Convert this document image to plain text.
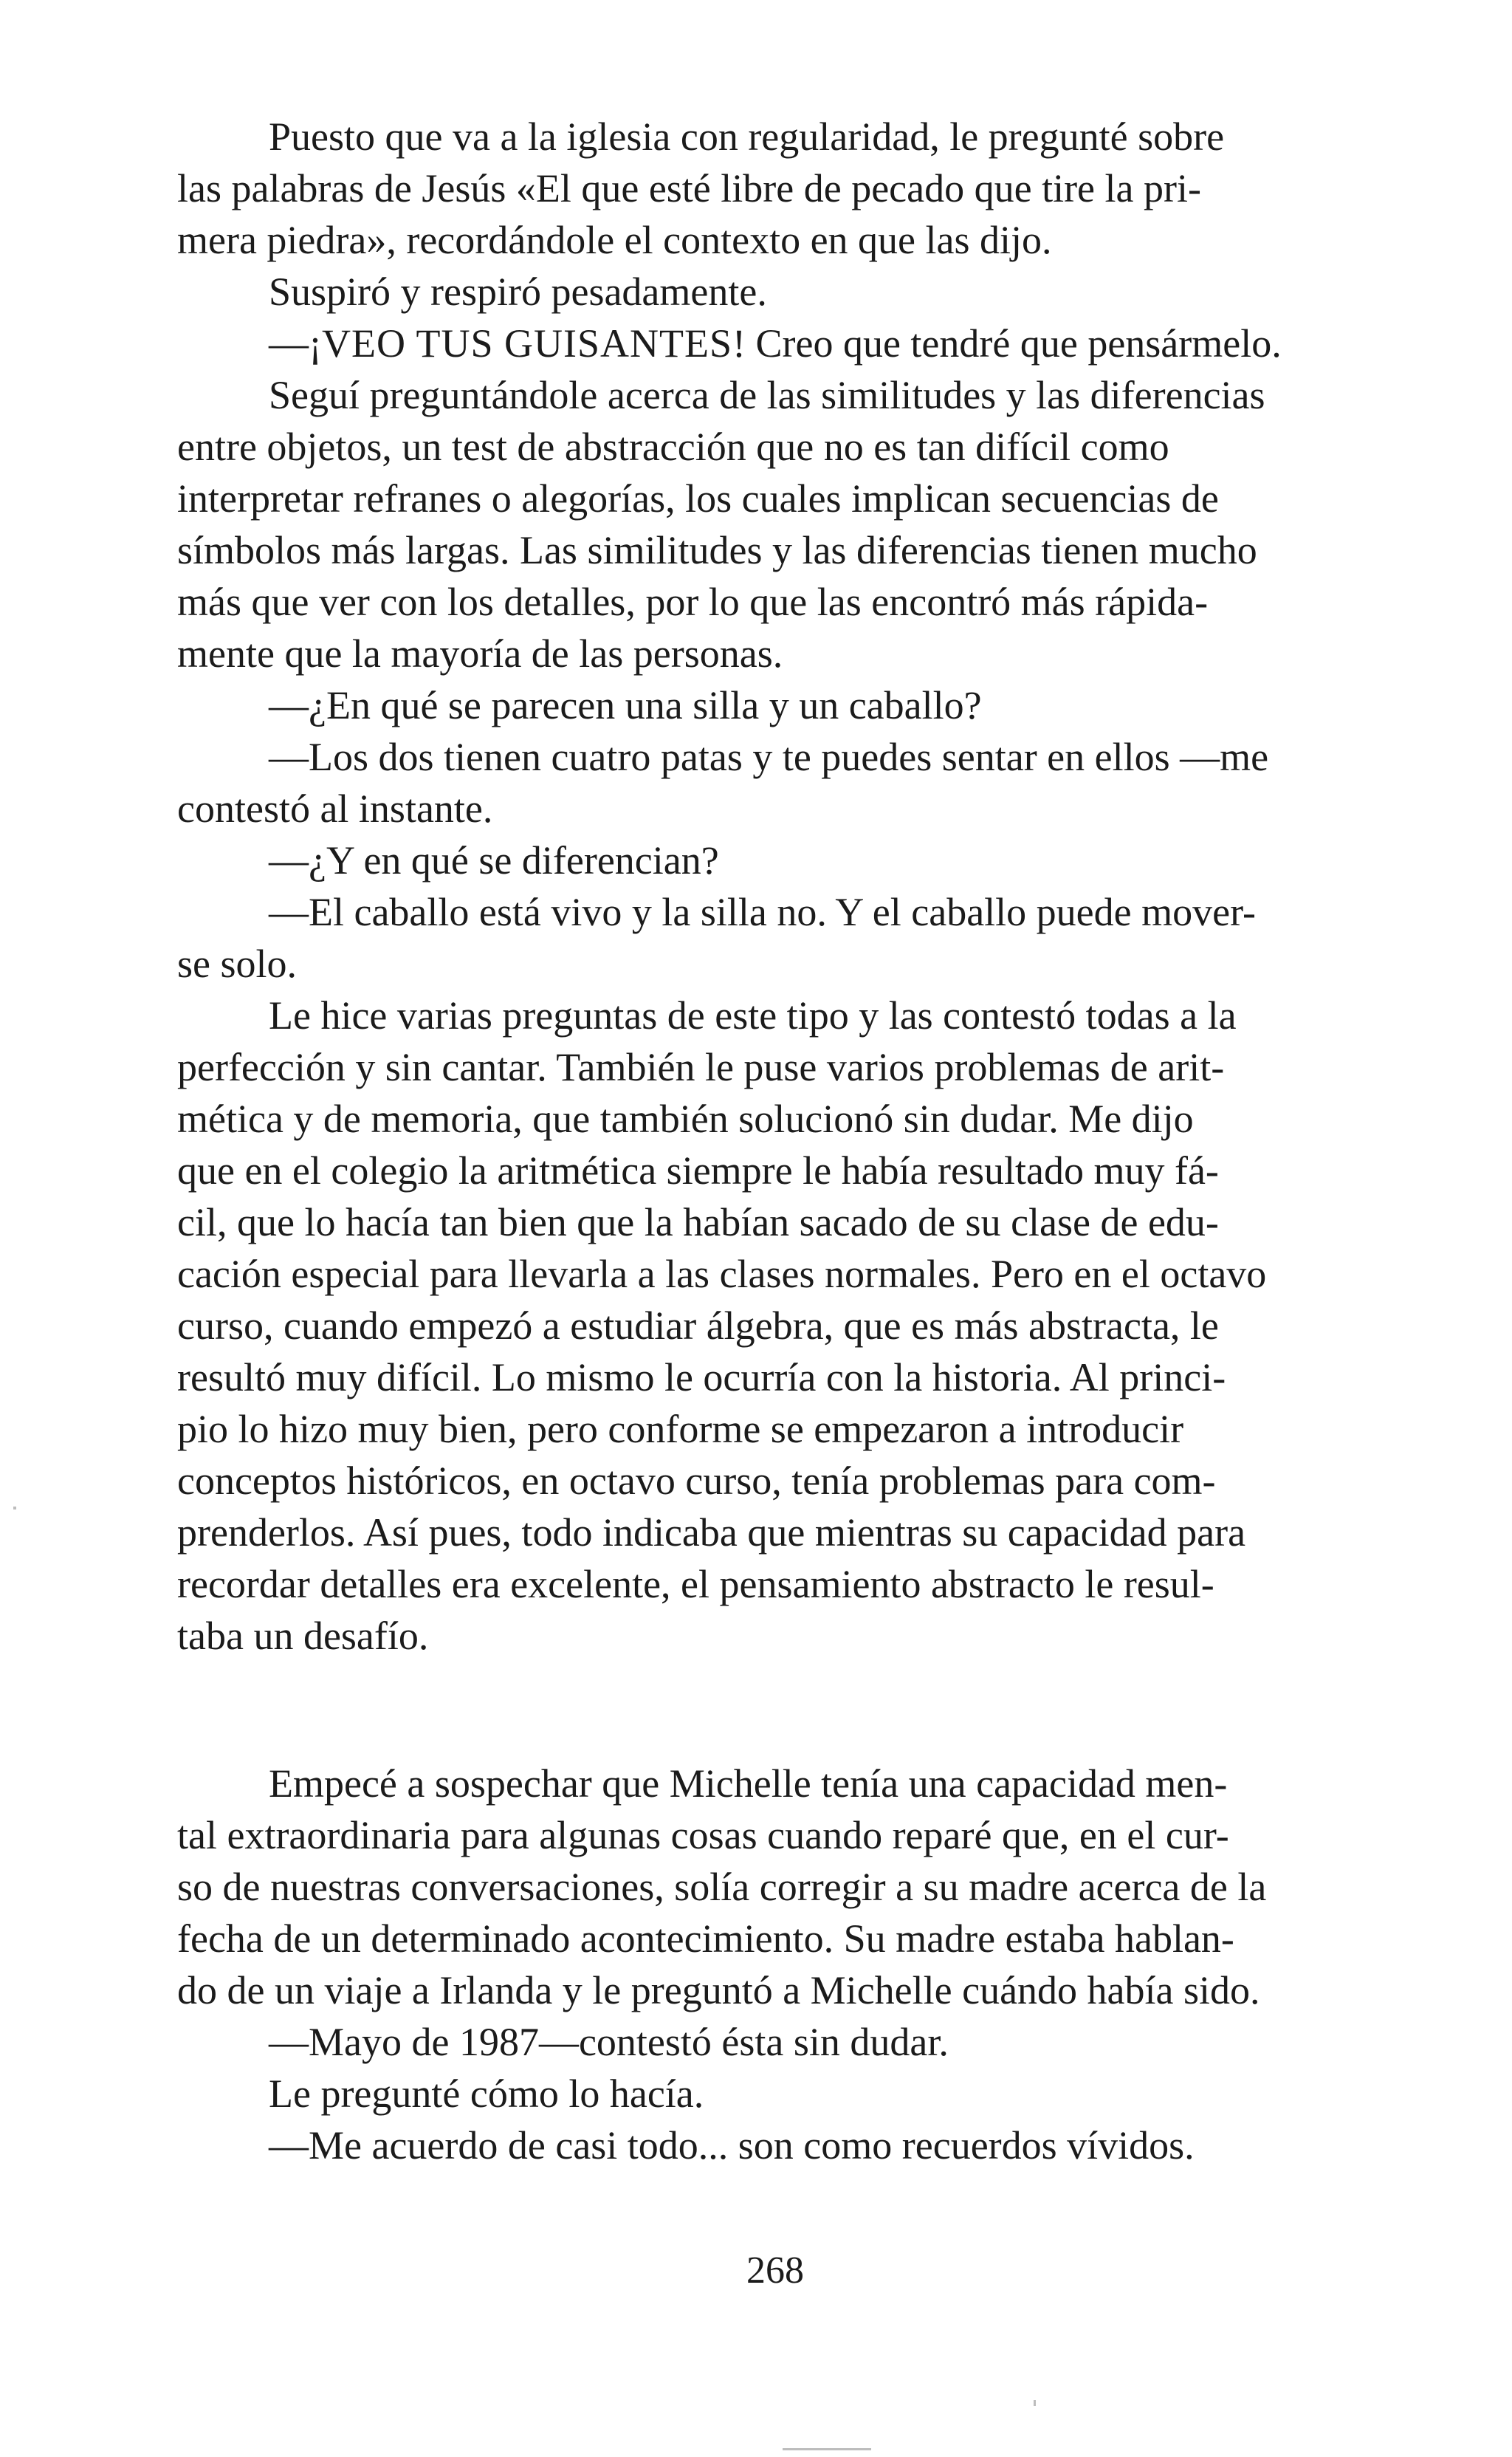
Puesto que va a la iglesia con regularidad, le pregunté sobre
las palabras de Jesús «El que esté libre de pecado que tire la pri-
mera piedra», recordándole el contexto en que las dijo.
Suspiró y respiró pesadamente.
—¡VEO TUS GUISANTES! Creo que tendré que pensármelo.
Seguí preguntándole acerca de las similitudes y las diferencias
entre objetos, un test de abstracción que no es tan difícil como
interpretar refranes o alegorías, los cuales implican secuencias de
símbolos más largas. Las similitudes y las diferencias tienen mucho
más que ver con los detalles, por lo que las encontró más rápida-
mente que la mayoría de las personas.
—¿En qué se parecen una silla y un caballo?
—Los dos tienen cuatro patas y te puedes sentar en ellos —me
contestó al instante.
—¿Y en qué se diferencian?
—El caballo está vivo y la silla no. Y el caballo puede mover-
se solo.
Le hice varias preguntas de este tipo y las contestó todas a la
perfección y sin cantar. También le puse varios problemas de arit-
mética y de memoria, que también solucionó sin dudar. Me dijo
que en el colegio la aritmética siempre le había resultado muy fá-
cil, que lo hacía tan bien que la habían sacado de su clase de edu-
cación especial para llevarla a las clases normales. Pero en el octavo
curso, cuando empezó a estudiar álgebra, que es más abstracta, le
resultó muy difícil. Lo mismo le ocurría con la historia. Al princi-
pio lo hizo muy bien, pero conforme se empezaron a introducir
conceptos históricos, en octavo curso, tenía problemas para com-
prenderlos. Así pues, todo indicaba que mientras su capacidad para
recordar detalles era excelente, el pensamiento abstracto le resul-
taba un desafío.
Empecé a sospechar que Michelle tenía una capacidad men-
tal extraordinaria para algunas cosas cuando reparé que, en el cur-
so de nuestras conversaciones, solía corregir a su madre acerca de la
fecha de un determinado acontecimiento. Su madre estaba hablan-
do de un viaje a Irlanda y le preguntó a Michelle cuándo había sido.
—Mayo de 1987—contestó ésta sin dudar.
Le pregunté cómo lo hacía.
—Me acuerdo de casi todo... son como recuerdos vívidos.
268
